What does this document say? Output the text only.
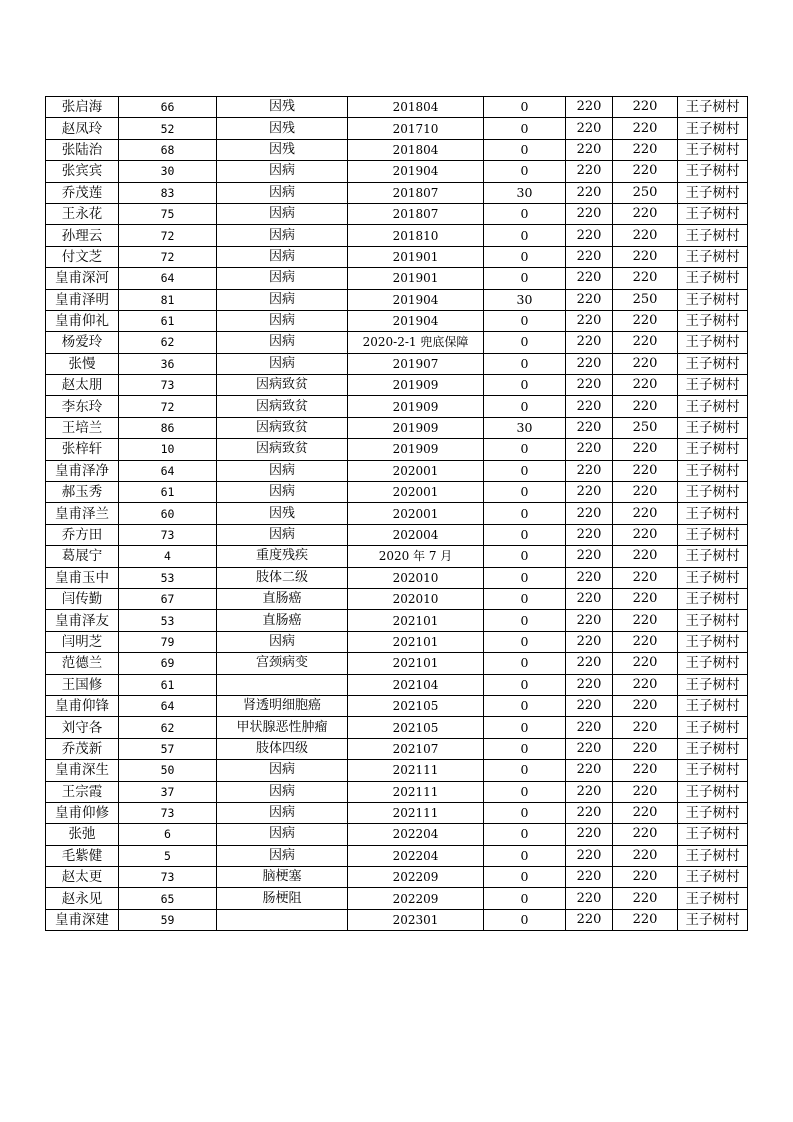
张启海	66	因残	201804	0	220	220	王子树村
赵凤玲	52	因残	201710	0	220	220	王子树村
张陆治	68	因残	201804	0	220	220	王子树村
张宾宾	30	因病	201904	0	220	220	王子树村
乔茂莲	83	因病	201807	30	220	250	王子树村
王永花	75	因病	201807	0	220	220	王子树村
孙理云	72	因病	201810	0	220	220	王子树村
付文芝	72	因病	201901	0	220	220	王子树村
皇甫深河	64	因病	201901	0	220	220	王子树村
皇甫泽明	81	因病	201904	30	220	250	王子树村
皇甫仰礼	61	因病	201904	0	220	220	王子树村
杨爱玲	62	因病	2020-2-1 兜底保障	0	220	220	王子树村
张慢	36	因病	201907	0	220	220	王子树村
赵太朋	73	因病致贫	201909	0	220	220	王子树村
李东玲	72	因病致贫	201909	0	220	220	王子树村
王培兰	86	因病致贫	201909	30	220	250	王子树村
张梓轩	10	因病致贫	201909	0	220	220	王子树村
皇甫泽净	64	因病	202001	0	220	220	王子树村
郝玉秀	61	因病	202001	0	220	220	王子树村
皇甫泽兰	60	因残	202001	0	220	220	王子树村
乔方田	73	因病	202004	0	220	220	王子树村
葛展宁	4	重度残疾	2020 年 7 月	0	220	220	王子树村
皇甫玉中	53	肢体二级	202010	0	220	220	王子树村
闫传勤	67	直肠癌	202010	0	220	220	王子树村
皇甫泽友	53	直肠癌	202101	0	220	220	王子树村
闫明芝	79	因病	202101	0	220	220	王子树村
范德兰	69	宫颈病变	202101	0	220	220	王子树村
王国修	61		202104	0	220	220	王子树村
皇甫仰锋	64	肾透明细胞癌	202105	0	220	220	王子树村
刘守各	62	甲状腺恶性肿瘤	202105	0	220	220	王子树村
乔茂新	57	肢体四级	202107	0	220	220	王子树村
皇甫深生	50	因病	202111	0	220	220	王子树村
王宗霞	37	因病	202111	0	220	220	王子树村
皇甫仰修	73	因病	202111	0	220	220	王子树村
张弛	6	因病	202204	0	220	220	王子树村
毛紫健	5	因病	202204	0	220	220	王子树村
赵太更	73	脑梗塞	202209	0	220	220	王子树村
赵永见	65	肠梗阻	202209	0	220	220	王子树村
皇甫深建	59		202301	0	220	220	王子树村
